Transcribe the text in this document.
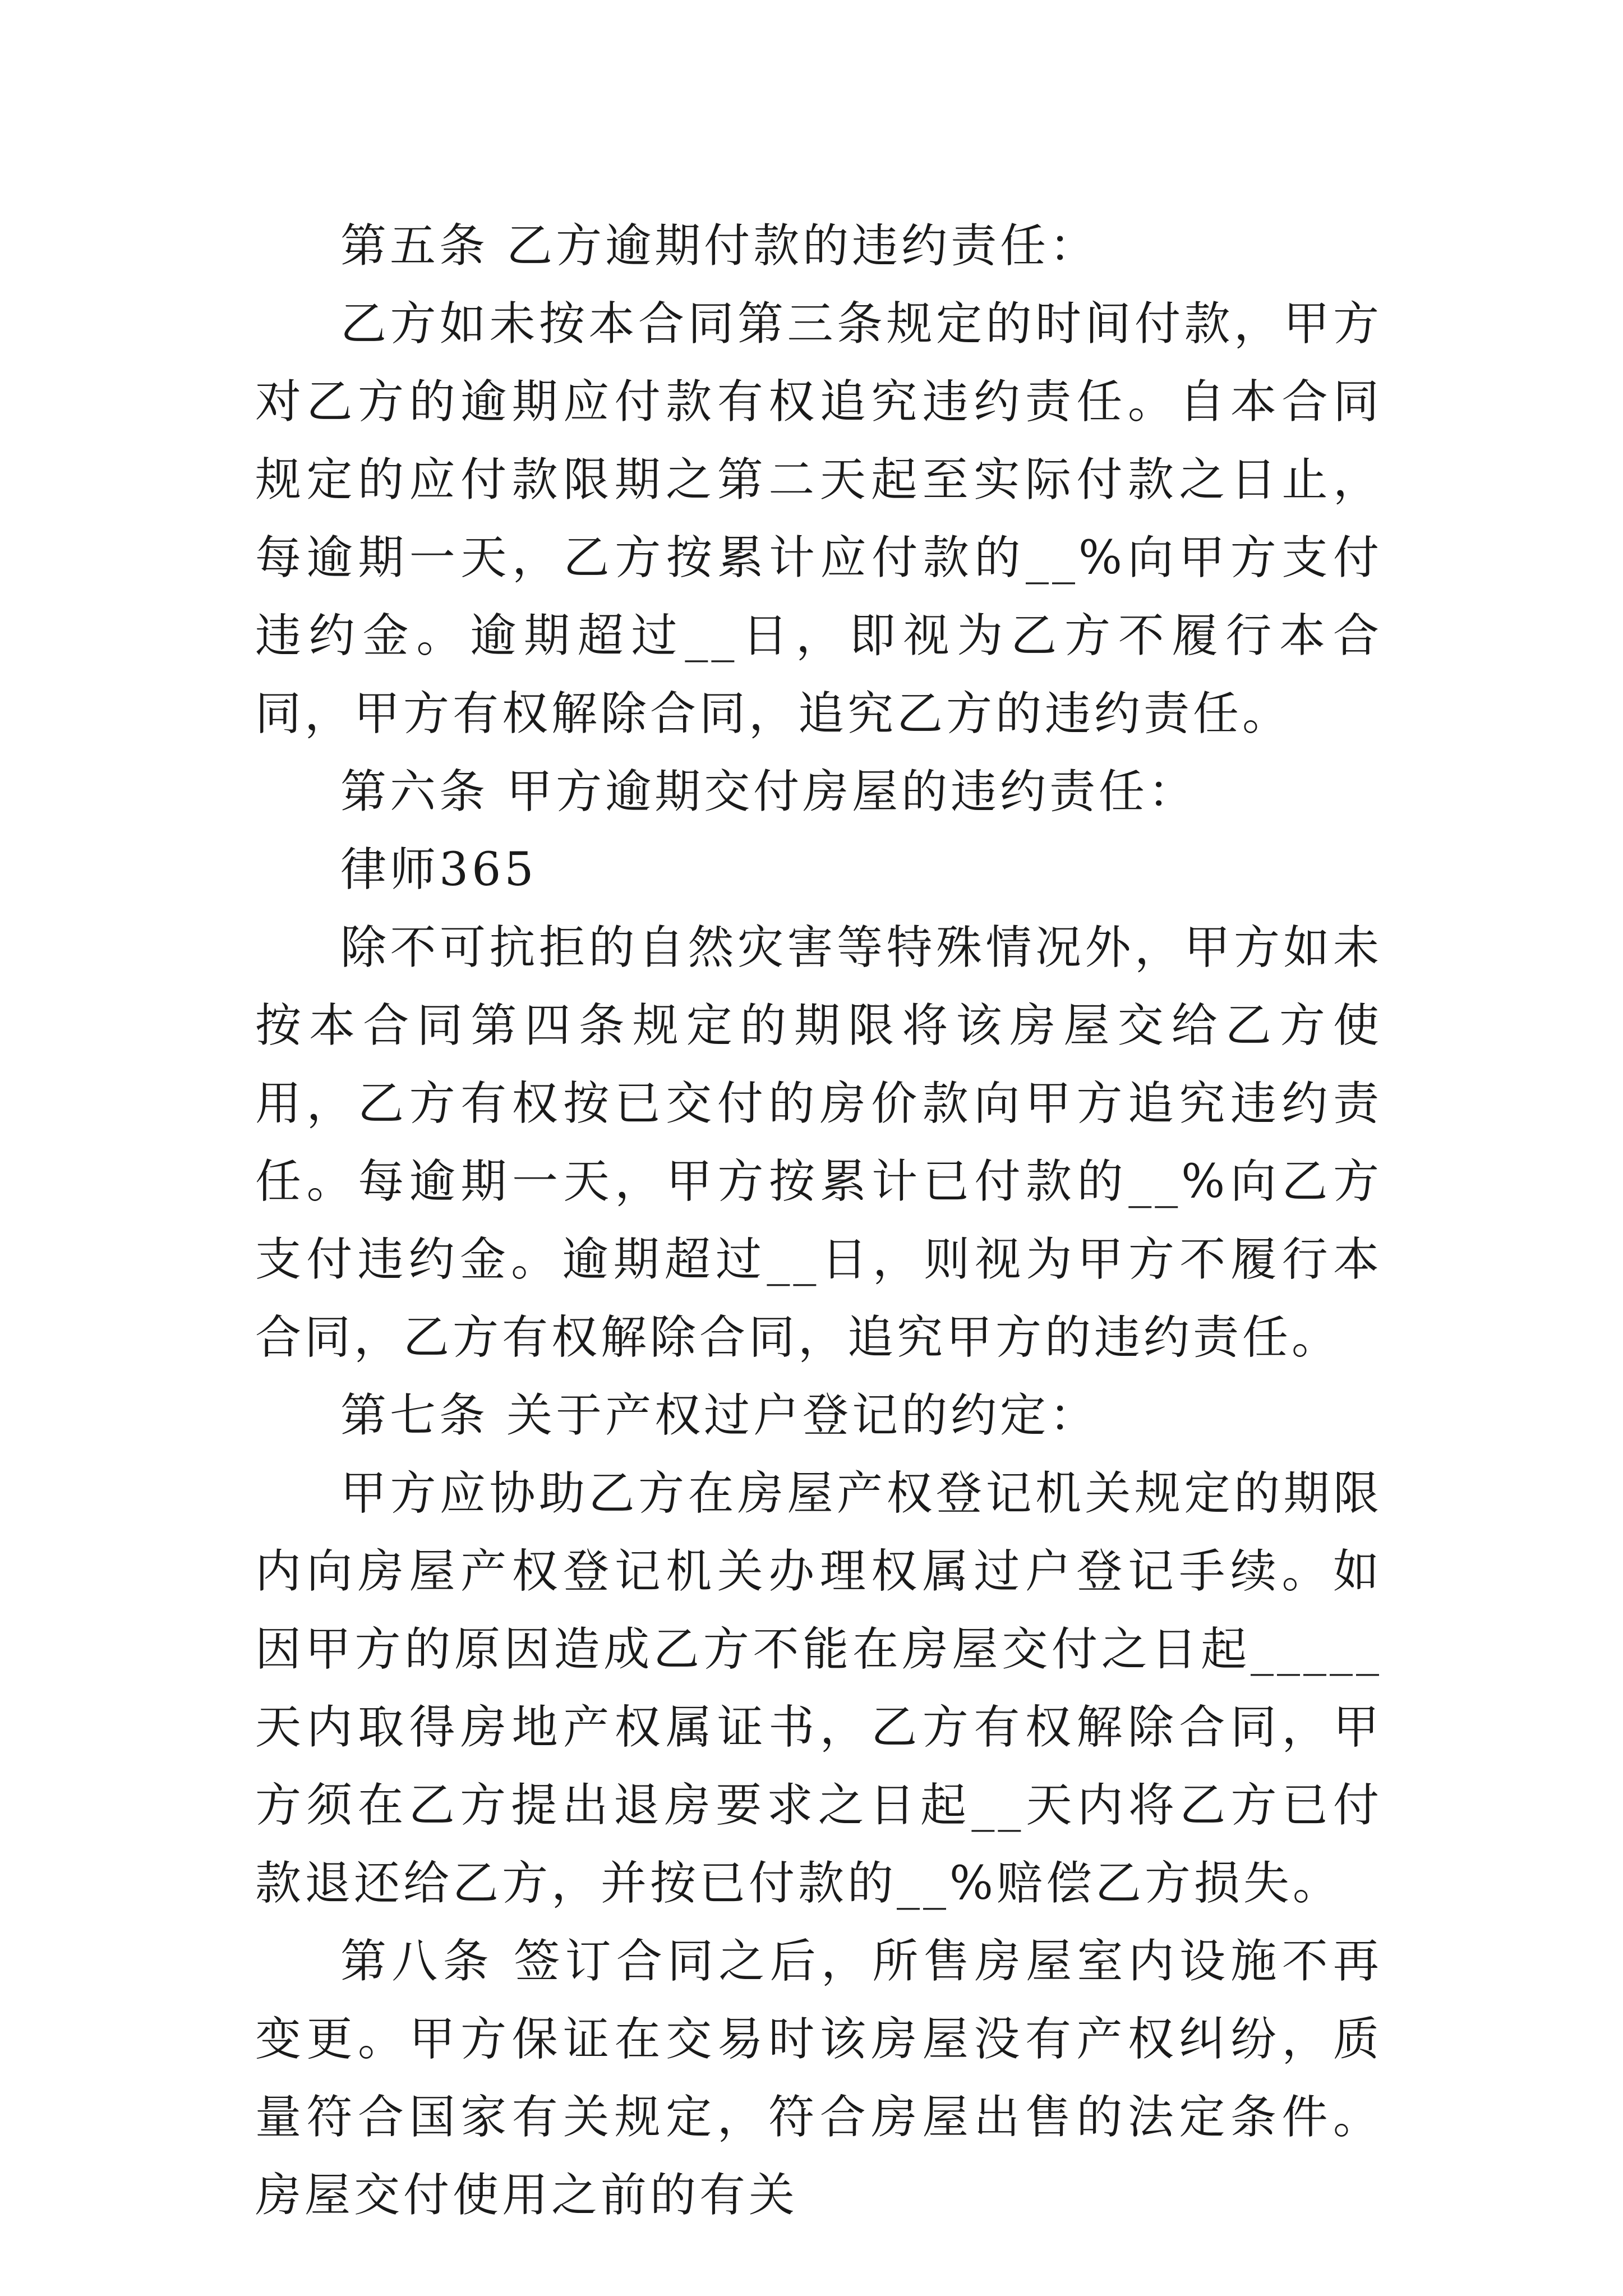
第五条 乙方逾期付款的违约责任：

乙方如未按本合同第三条规定的时间付款，甲方对乙方的逾期应付款有权追究违约责任。自本合同规定的应付款限期之第二天起至实际付款之日止，每逾期一天，乙方按累计应付款的__%向甲方支付违约金。逾期超过__日，即视为乙方不履行本合同，甲方有权解除合同，追究乙方的违约责任。

第六条 甲方逾期交付房屋的违约责任：

律师365

除不可抗拒的自然灾害等特殊情况外，甲方如未按本合同第四条规定的期限将该房屋交给乙方使用，乙方有权按已交付的房价款向甲方追究违约责任。每逾期一天，甲方按累计已付款的__%向乙方支付违约金。逾期超过__日，则视为甲方不履行本合同，乙方有权解除合同，追究甲方的违约责任。

第七条 关于产权过户登记的约定：

甲方应协助乙方在房屋产权登记机关规定的期限内向房屋产权登记机关办理权属过户登记手续。如因甲方的原因造成乙方不能在房屋交付之日起_____天内取得房地产权属证书，乙方有权解除合同，甲方须在乙方提出退房要求之日起__天内将乙方已付款退还给乙方，并按已付款的__%赔偿乙方损失。

第八条 签订合同之后，所售房屋室内设施不再变更。甲方保证在交易时该房屋没有产权纠纷，质量符合国家有关规定，符合房屋出售的法定条件。房屋交付使用之前的有关
